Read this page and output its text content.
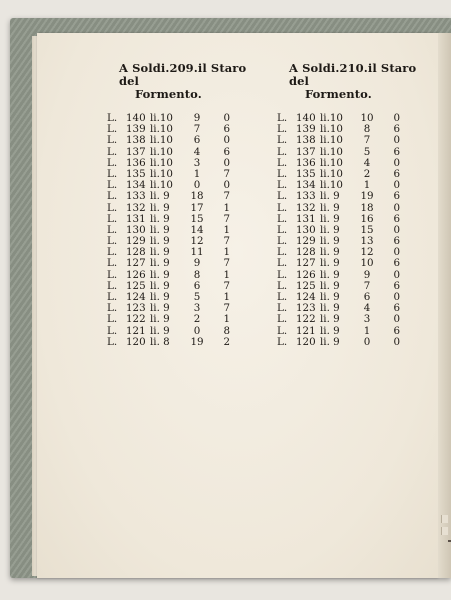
A Soldi.209.il Staro del
Formento.
L. 140 li.10	9	0
L. 139 li.10	7	6
L. 138 li.10	6	0
L. 137 li.10	4	6
L. 136 li.10	3	0
L. 135 li.10	1	7
L. 134 li.10	0	0
L. 133 li. 9	18	7
L. 132 li. 9	17	1
L. 131 li. 9	15	7
L. 130 li. 9	14	1
L. 129 li. 9	12	7
L. 128 li. 9	11	1
L. 127 li. 9	9	7
L. 126 li. 9	8	1
L. 125 li. 9	6	7
L. 124 li. 9	5	1
L. 123 li. 9	3	7
L. 122 li. 9	2	1
L. 121 li. 9	0	8
L. 120 li. 8	19	2
A Soldi.210.il Staro del
Formento.
L. 140 li.10	10	0
L. 139 li.10	8	6
L. 138 li.10	7	0
L. 137 li.10	5	6
L. 136 li.10	4	0
L. 135 li.10	2	6
L. 134 li.10	1	0
L. 133 li. 9	19	6
L. 132 li. 9	18	0
L. 131 li. 9	16	6
L. 130 li. 9	15	0
L. 129 li. 9	13	6
L. 128 li. 9	12	0
L. 127 li. 9	10	6
L. 126 li. 9	9	0
L. 125 li. 9	7	6
L. 124 li. 9	6	0
L. 123 li. 9	4	6
L. 122 li. 9	3	0
L. 121 li. 9	1	6
L. 120 li. 9	0	0
